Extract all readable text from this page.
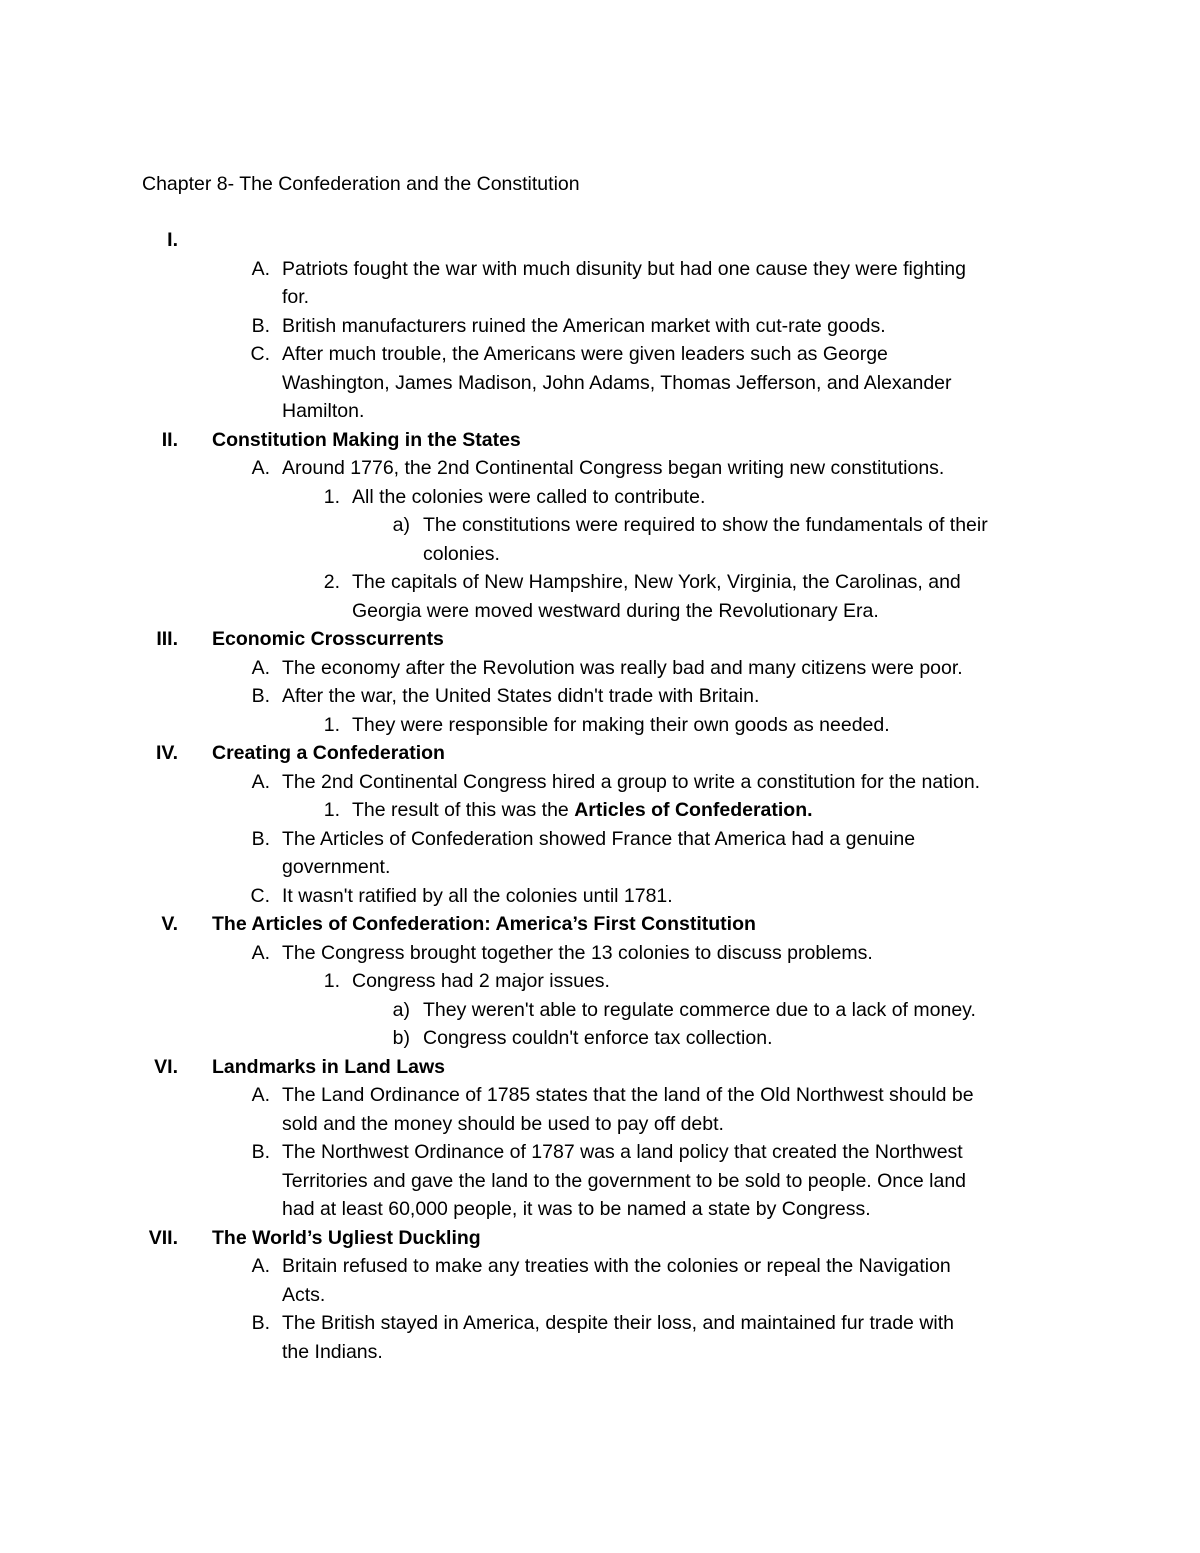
Chapter 8- The Confederation and the Constitution
I.

A. Patriots fought the war with much disunity but had one cause they were fighting
for.
B. British manufacturers ruined the American market with cut-rate goods.
C. After much trouble, the Americans were given leaders such as George
Washington, James Madison, John Adams, Thomas Jefferson, and Alexander
Hamilton.
II. Constitution Making in the States

A. Around 1776, the 2nd Continental Congress began writing new constitutions.
1. All the colonies were called to contribute.
a) The constitutions were required to show the fundamentals of their
colonies.
2. The capitals of New Hampshire, New York, Virginia, the Carolinas, and
Georgia were moved westward during the Revolutionary Era.
III. Economic Crosscurrents

A. The economy after the Revolution was really bad and many citizens were poor.
B. After the war, the United States didn't trade with Britain.
1. They were responsible for making their own goods as needed.
IV. Creating a Confederation

A. The 2nd Continental Congress hired a group to write a constitution for the nation.
1. The result of this was the Articles of Confederation.
B. The Articles of Confederation showed France that America had a genuine
government.
C. It wasn't ratified by all the colonies until 1781.
V. The Articles of Confederation: America’s First Constitution

A. The Congress brought together the 13 colonies to discuss problems.
1. Congress had 2 major issues.
a) They weren't able to regulate commerce due to a lack of money.
b) Congress couldn't enforce tax collection.
VI. Landmarks in Land Laws

A. The Land Ordinance of 1785 states that the land of the Old Northwest should be
sold and the money should be used to pay off debt.
B. The Northwest Ordinance of 1787 was a land policy that created the Northwest
Territories and gave the land to the government to be sold to people. Once land
had at least 60,000 people, it was to be named a state by Congress.
VII. The World’s Ugliest Duckling

A. Britain refused to make any treaties with the colonies or repeal the Navigation
Acts.
B. The British stayed in America, despite their loss, and maintained fur trade with
the Indians.
